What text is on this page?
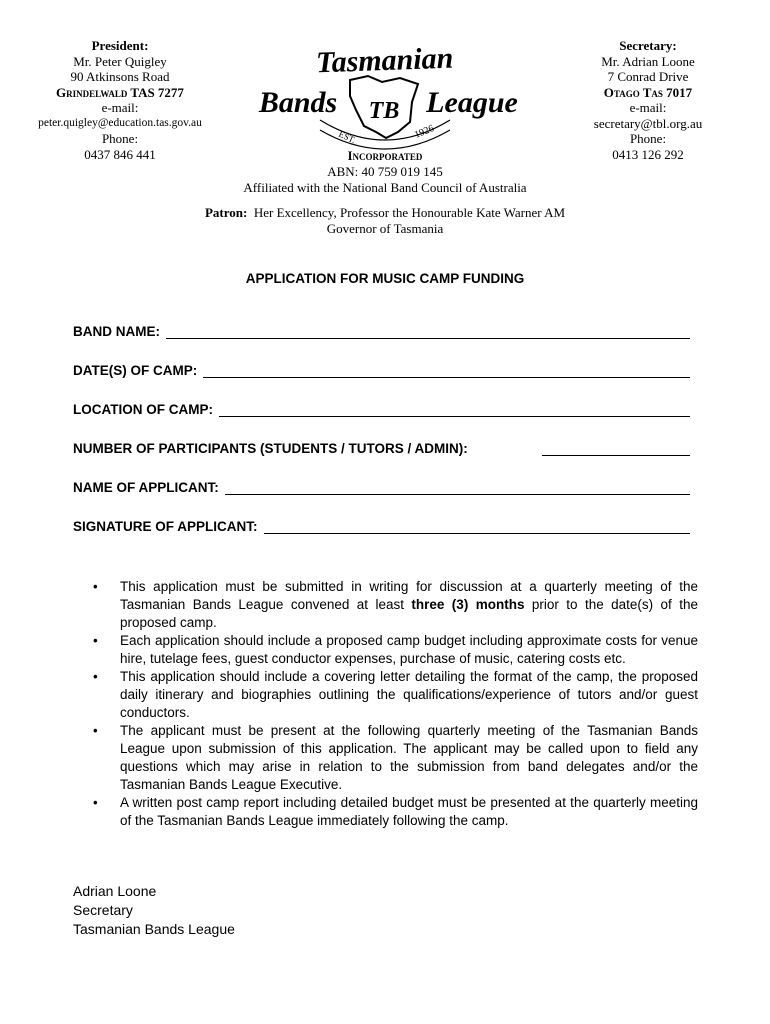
President:
Mr. Peter Quigley
90 Atkinsons Road
Grindelwald TAS 7277
e-mail:
peter.quigley@education.tas.gov.au
Phone:
0437 846 441
Tasmanian
Bands	League
TB
EST.	1926
Secretary:
Mr. Adrian Loone
7 Conrad Drive
Otago Tas 7017
e-mail:
secretary@tbl.org.au
Phone:
0413 126 292
Incorporated
ABN: 40 759 019 145
Affiliated with the National Band Council of Australia
Patron: Her Excellency, Professor the Honourable Kate Warner AM
Governor of Tasmania
APPLICATION FOR MUSIC CAMP FUNDING
BAND NAME:
DATE(S) OF CAMP:
LOCATION OF CAMP:
NUMBER OF PARTICIPANTS (STUDENTS / TUTORS / ADMIN):
NAME OF APPLICANT:
SIGNATURE OF APPLICANT:
• This application must be submitted in writing for discussion at a quarterly meeting of the Tasmanian Bands League convened at least three (3) months prior to the date(s) of the proposed camp.
• Each application should include a proposed camp budget including approximate costs for venue hire, tutelage fees, guest conductor expenses, purchase of music, catering costs etc.
• This application should include a covering letter detailing the format of the camp, the proposed daily itinerary and biographies outlining the qualifications/experience of tutors and/or guest conductors.
• The applicant must be present at the following quarterly meeting of the Tasmanian Bands League upon submission of this application. The applicant may be called upon to field any questions which may arise in relation to the submission from band delegates and/or the Tasmanian Bands League Executive.
• A written post camp report including detailed budget must be presented at the quarterly meeting of the Tasmanian Bands League immediately following the camp.
Adrian Loone
Secretary
Tasmanian Bands League
